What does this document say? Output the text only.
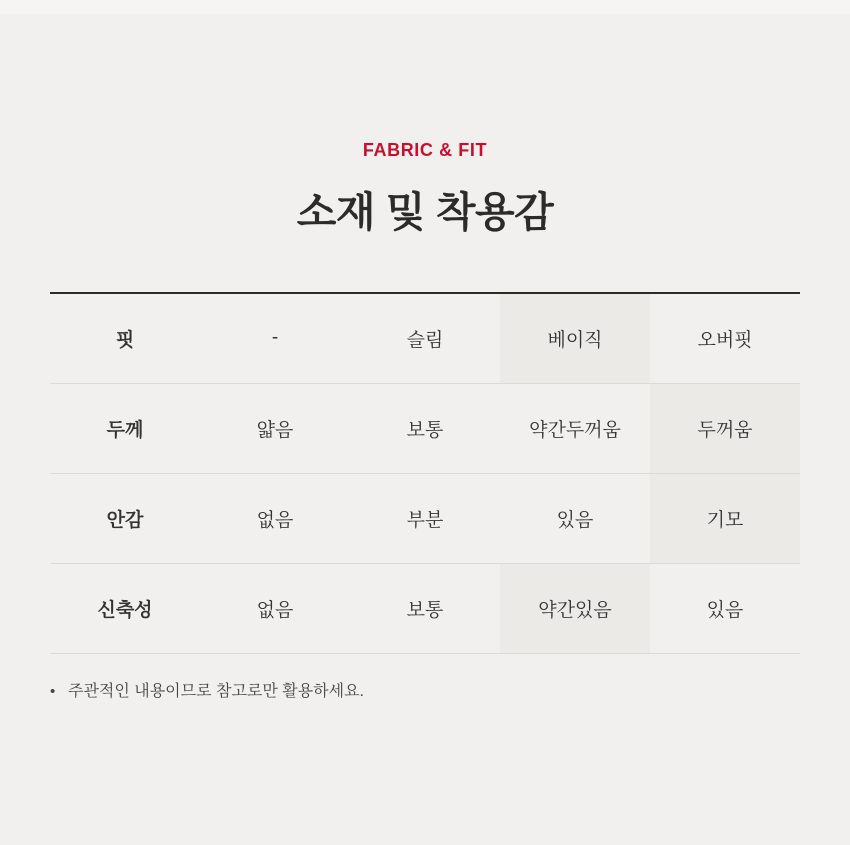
FABRIC & FIT
소재 및 착용감
핏	-	슬림	베이직	오버핏
두께	얇음	보통	약간두꺼움	두꺼움
안감	없음	부분	있음	기모
신축성	없음	보통	약간있음	있음
• 주관적인 내용이므로 참고로만 활용하세요.
